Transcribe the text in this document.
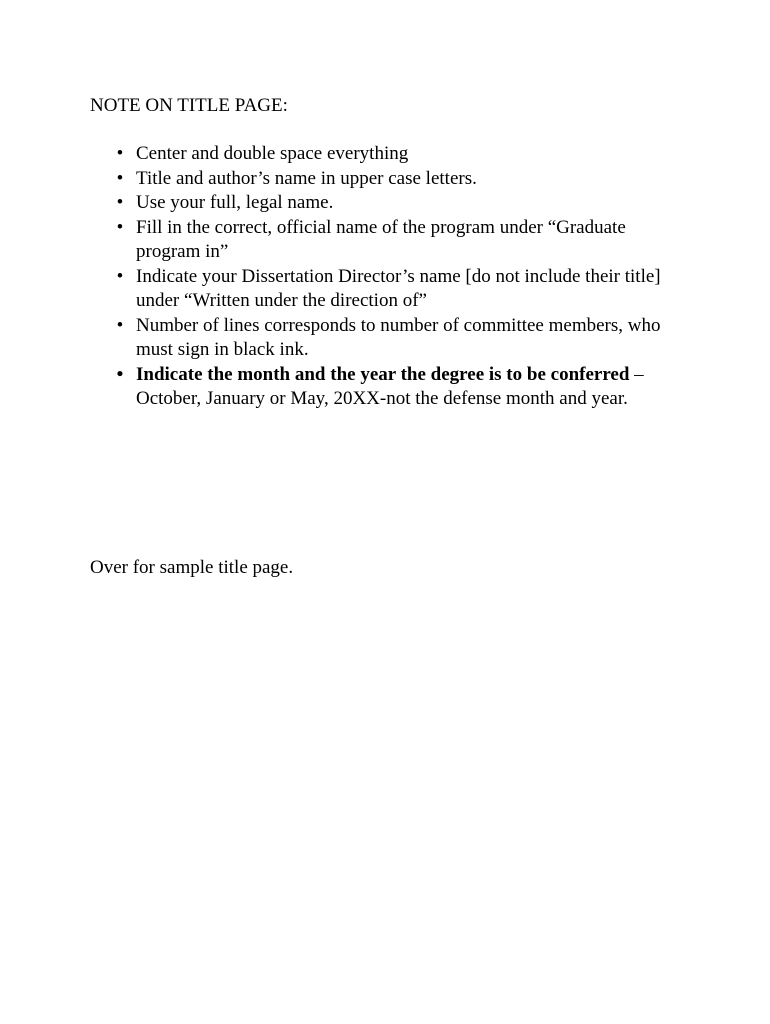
NOTE ON TITLE PAGE:

• Center and double space everything
• Title and author’s name in upper case letters.
• Use your full, legal name.
• Fill in the correct, official name of the program under “Graduate program in”
• Indicate your Dissertation Director’s name [do not include their title] under “Written under the direction of”
• Number of lines corresponds to number of committee members, who must sign in black ink.
• Indicate the month and the year the degree is to be conferred – October, January or May, 20XX-not the defense month and year.

Over for sample title page.
